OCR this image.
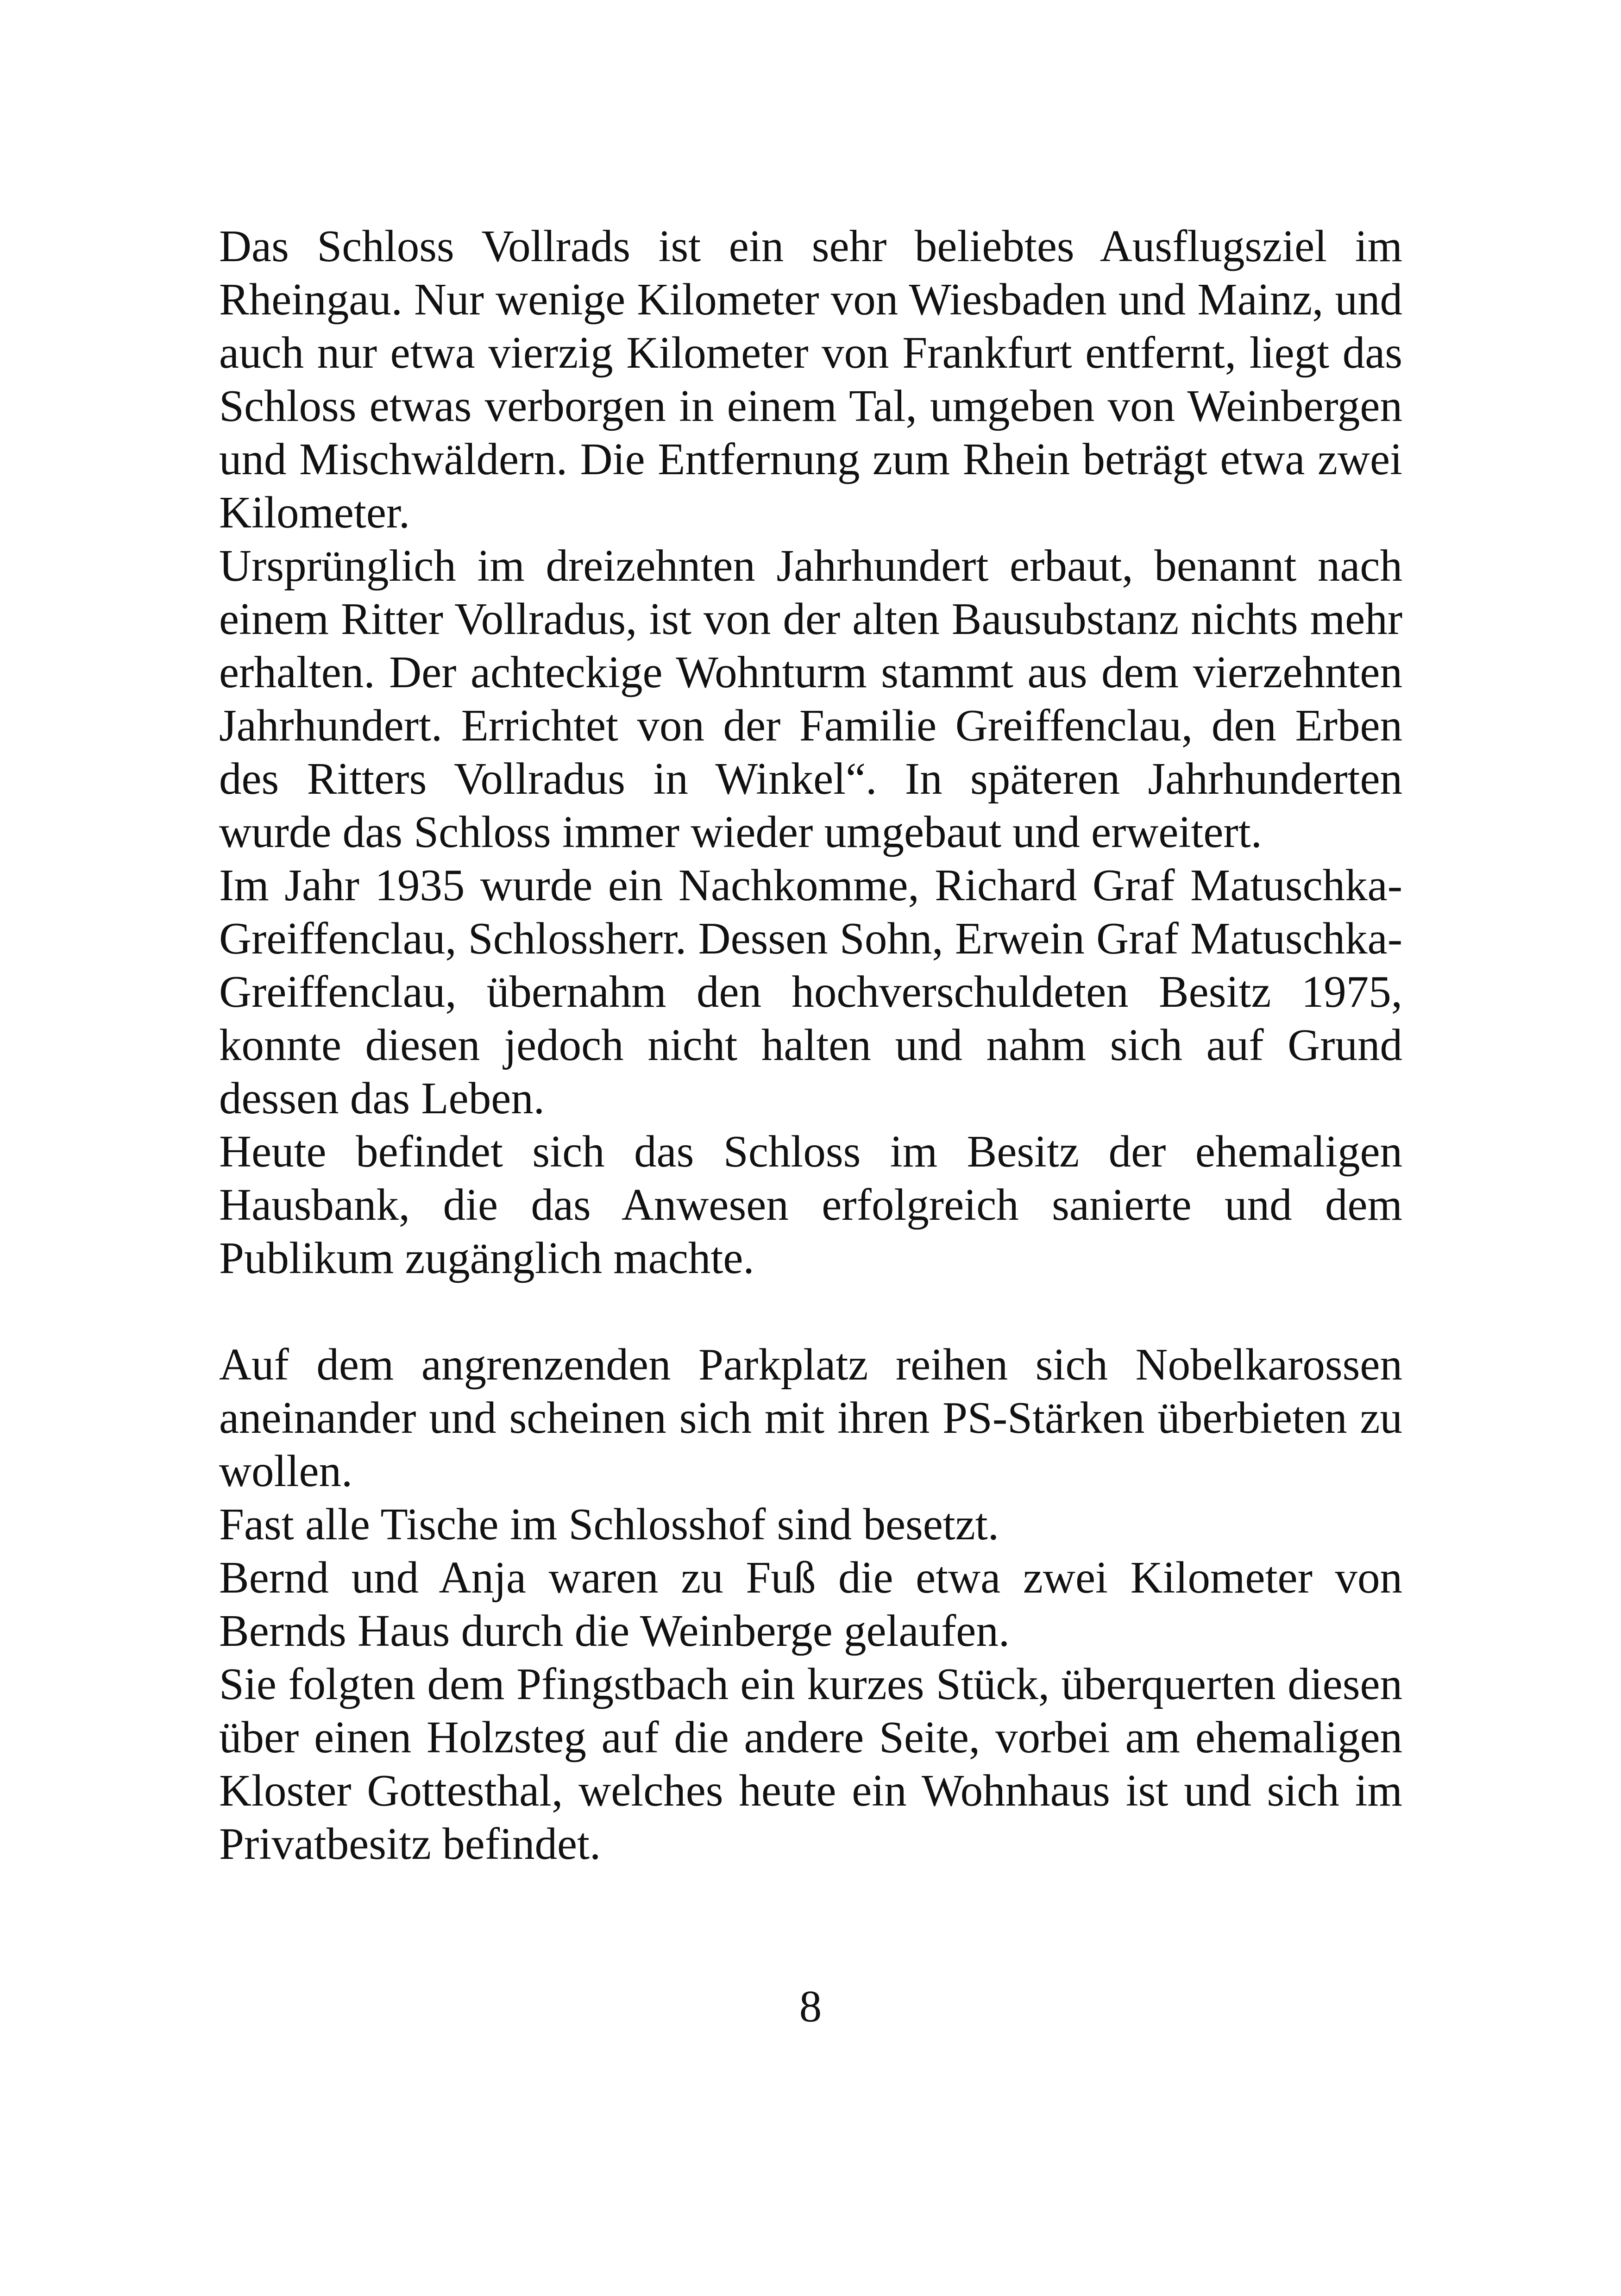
Das Schloss Vollrads ist ein sehr beliebtes Ausflugsziel im Rheingau. Nur wenige Kilometer von Wiesbaden und Mainz, und auch nur etwa vierzig Kilometer von Frankfurt entfernt, liegt das Schloss etwas verborgen in einem Tal, umgeben von Weinbergen und Mischwäldern. Die Entfernung zum Rhein beträgt etwa zwei Kilometer.

Ursprünglich im dreizehnten Jahrhundert erbaut, benannt nach einem Ritter Vollradus, ist von der alten Bausubstanz nichts mehr erhalten. Der achteckige Wohnturm stammt aus dem vierzehnten Jahrhundert. Errichtet von der Familie Greiffenclau, den Erben des Ritters Vollradus in Winkel“. In späteren Jahrhunderten wurde das Schloss immer wieder umgebaut und erweitert.

Im Jahr 1935 wurde ein Nachkomme, Richard Graf Matuschka-Greiffenclau, Schlossherr. Dessen Sohn, Erwein Graf Matuschka-Greiffenclau, übernahm den hochverschuldeten Besitz 1975, konnte diesen jedoch nicht halten und nahm sich auf Grund dessen das Leben.

Heute befindet sich das Schloss im Besitz der ehemaligen Hausbank, die das Anwesen erfolgreich sanierte und dem Publikum zugänglich machte.

Auf dem angrenzenden Parkplatz reihen sich Nobelkarossen aneinander und scheinen sich mit ihren PS-Stärken überbieten zu wollen.

Fast alle Tische im Schlosshof sind besetzt.

Bernd und Anja waren zu Fuß die etwa zwei Kilometer von Bernds Haus durch die Weinberge gelaufen.

Sie folgten dem Pfingstbach ein kurzes Stück, überquerten diesen über einen Holzsteg auf die andere Seite, vorbei am ehemaligen Kloster Gottesthal, welches heute ein Wohnhaus ist und sich im Privatbesitz befindet.

8
